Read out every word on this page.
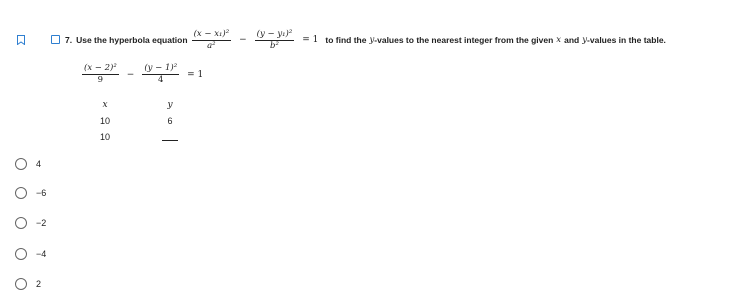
7. Use the hyperbola equation $\frac{\text{(x − x₁)²}}{\text{a²}} - \frac{\text{(y − y₁)²}}{\text{b²}} = 1$ to find the y -values to the nearest integer from the given x and y -values in the table.
$\frac{\text{(x − 2)²}}{9} - \frac{\text{(y − 1)²}}{4} = 1$
x	y
10	6
10
4
−6
−2
−4
2
